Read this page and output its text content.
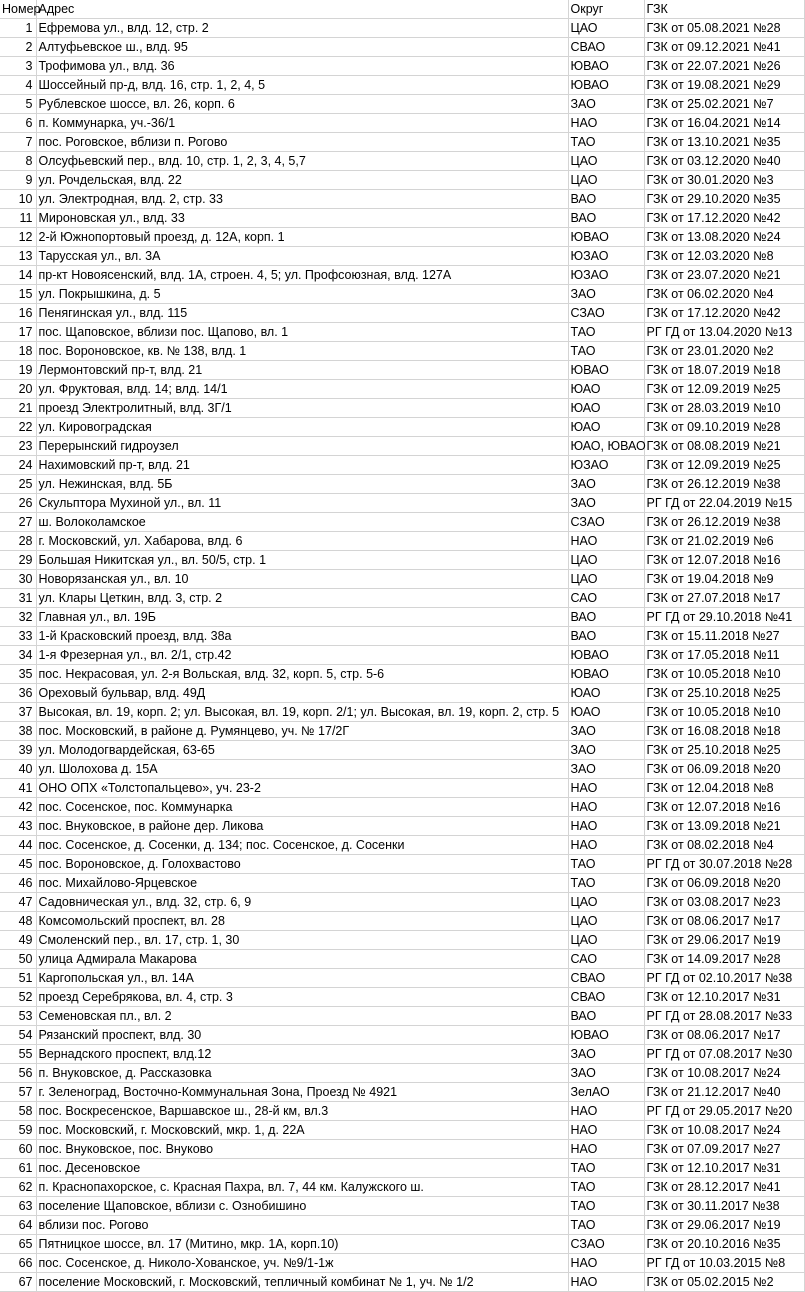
Номер	Адрес	Округ	ГЗК
1	Ефремова ул., влд. 12, стр. 2	ЦАО	ГЗК от 05.08.2021 №28
2	Алтуфьевское ш., влд. 95	СВАО	ГЗК от 09.12.2021 №41
3	Трофимова ул., влд. 36	ЮВАО	ГЗК от 22.07.2021 №26
4	Шоссейный пр-д, влд. 16, стр. 1, 2, 4, 5	ЮВАО	ГЗК от 19.08.2021 №29
5	Рублевское шоссе, вл. 26, корп. 6	ЗАО	ГЗК от 25.02.2021 №7
6	п. Коммунарка, уч.-36/1	НАО	ГЗК от 16.04.2021 №14
7	пос. Роговское, вблизи п. Рогово	ТАО	ГЗК от 13.10.2021 №35
8	Олсуфьевский пер., влд. 10, стр. 1, 2, 3, 4, 5,7	ЦАО	ГЗК от 03.12.2020 №40
9	ул. Рочдельская, влд. 22	ЦАО	ГЗК от 30.01.2020 №3
10	ул. Электродная, влд. 2, стр. 33	ВАО	ГЗК от 29.10.2020 №35
11	Мироновская ул., влд. 33	ВАО	ГЗК от 17.12.2020 №42
12	2-й Южнопортовый проезд, д. 12А, корп. 1	ЮВАО	ГЗК от 13.08.2020 №24
13	Тарусская ул., вл. 3А	ЮЗАО	ГЗК от 12.03.2020 №8
14	пр-кт Новоясенский, влд. 1А, строен. 4, 5; ул. Профсоюзная, влд. 127А	ЮЗАО	ГЗК от 23.07.2020 №21
15	ул. Покрышкина, д. 5	ЗАО	ГЗК от 06.02.2020 №4
16	Пенягинская ул., влд. 115	СЗАО	ГЗК от 17.12.2020 №42
17	пос. Щаповское, вблизи пос. Щапово, вл. 1	ТАО	РГ ГД от 13.04.2020 №13
18	пос. Вороновское, кв. № 138, влд. 1	ТАО	ГЗК от 23.01.2020 №2
19	Лермонтовский пр-т, влд. 21	ЮВАО	ГЗК от 18.07.2019 №18
20	ул. Фруктовая, влд. 14; влд. 14/1	ЮАО	ГЗК от 12.09.2019 №25
21	проезд Электролитный, влд. 3Г/1	ЮАО	ГЗК от 28.03.2019 №10
22	ул. Кировоградская	ЮАО	ГЗК от 09.10.2019 №28
23	Перерынский гидроузел	ЮАО, ЮВАО	ГЗК от 08.08.2019 №21
24	Нахимовский пр-т, влд. 21	ЮЗАО	ГЗК от 12.09.2019 №25
25	ул. Нежинская, влд. 5Б	ЗАО	ГЗК от 26.12.2019 №38
26	Скульптора Мухиной ул., вл. 11	ЗАО	РГ ГД от 22.04.2019 №15
27	ш. Волоколамское	СЗАО	ГЗК от 26.12.2019 №38
28	г. Московский, ул. Хабарова, влд. 6	НАО	ГЗК от 21.02.2019 №6
29	Большая Никитская ул., вл. 50/5, стр. 1	ЦАО	ГЗК от 12.07.2018 №16
30	Новорязанская ул., вл. 10	ЦАО	ГЗК от 19.04.2018 №9
31	ул. Клары Цеткин, влд. 3, стр. 2	САО	ГЗК от 27.07.2018 №17
32	Главная ул., вл. 19Б	ВАО	РГ ГД от 29.10.2018 №41
33	1-й Красковский проезд, влд. 38а	ВАО	ГЗК от 15.11.2018 №27
34	1-я Фрезерная ул., вл. 2/1, стр.42	ЮВАО	ГЗК от 17.05.2018 №11
35	пос. Некрасовая, ул. 2-я Вольская, влд. 32, корп. 5, стр. 5-6	ЮВАО	ГЗК от 10.05.2018 №10
36	Ореховый бульвар, влд. 49Д	ЮАО	ГЗК от 25.10.2018 №25
37	Высокая, вл. 19, корп. 2; ул. Высокая, вл. 19, корп. 2/1; ул. Высокая, вл. 19, корп. 2, стр. 5	ЮАО	ГЗК от 10.05.2018 №10
38	пос. Московский, в районе д. Румянцево, уч. № 17/2Г	ЗАО	ГЗК от 16.08.2018 №18
39	ул. Молодогвардейская, 63-65	ЗАО	ГЗК от 25.10.2018 №25
40	ул. Шолохова д. 15А	ЗАО	ГЗК от 06.09.2018 №20
41	ОНО ОПХ «Толстопальцево», уч. 23-2	НАО	ГЗК от 12.04.2018 №8
42	пос. Сосенское, пос. Коммунарка	НАО	ГЗК от 12.07.2018 №16
43	пос. Внуковское, в районе дер. Ликова	НАО	ГЗК от 13.09.2018 №21
44	пос. Сосенское, д. Сосенки, д. 134; пос. Сосенское, д. Сосенки	НАО	ГЗК от 08.02.2018 №4
45	пос. Вороновское, д. Голохвастово	ТАО	РГ ГД от 30.07.2018 №28
46	пос. Михайлово-Ярцевское	ТАО	ГЗК от 06.09.2018 №20
47	Садовническая ул., влд. 32, стр. 6, 9	ЦАО	ГЗК от 03.08.2017 №23
48	Комсомольский проспект, вл. 28	ЦАО	ГЗК от 08.06.2017 №17
49	Смоленский пер., вл. 17, стр. 1, 30	ЦАО	ГЗК от 29.06.2017 №19
50	улица Адмирала Макарова	САО	ГЗК от 14.09.2017 №28
51	Каргопольская ул., вл. 14А	СВАО	РГ ГД от 02.10.2017 №38
52	проезд Серебрякова, вл. 4, стр. 3	СВАО	ГЗК от 12.10.2017 №31
53	Семеновская пл., вл. 2	ВАО	РГ ГД от 28.08.2017 №33
54	Рязанский проспект, влд. 30	ЮВАО	ГЗК от 08.06.2017 №17
55	Вернадского проспект, влд.12	ЗАО	РГ ГД от 07.08.2017 №30
56	п. Внуковское, д. Рассказовка	ЗАО	ГЗК от 10.08.2017 №24
57	г. Зеленоград, Восточно-Коммунальная Зона, Проезд № 4921	ЗелАО	ГЗК от 21.12.2017 №40
58	пос. Воскресенское, Варшавское ш., 28-й км, вл.3	НАО	РГ ГД от 29.05.2017 №20
59	пос. Московский, г. Московский, мкр. 1, д. 22А	НАО	ГЗК от 10.08.2017 №24
60	пос. Внуковское, пос. Внуково	НАО	ГЗК от 07.09.2017 №27
61	пос. Десеновское	ТАО	ГЗК от 12.10.2017 №31
62	п. Краснопахорское, с. Красная Пахра, вл. 7, 44 км. Калужского ш.	ТАО	ГЗК от 28.12.2017 №41
63	поселение Щаповское, вблизи с. Ознобишино	ТАО	ГЗК от 30.11.2017 №38
64	вблизи пос. Рогово	ТАО	ГЗК от 29.06.2017 №19
65	Пятницкое шоссе, вл. 17 (Митино, мкр. 1А, корп.10)	СЗАО	ГЗК от 20.10.2016 №35
66	пос. Сосенское, д. Николо-Хованское, уч. №9/1-1ж	НАО	РГ ГД от 10.03.2015 №8
67	поселение Московский, г. Московский, тепличный комбинат № 1, уч. № 1/2	НАО	ГЗК от 05.02.2015 №2
